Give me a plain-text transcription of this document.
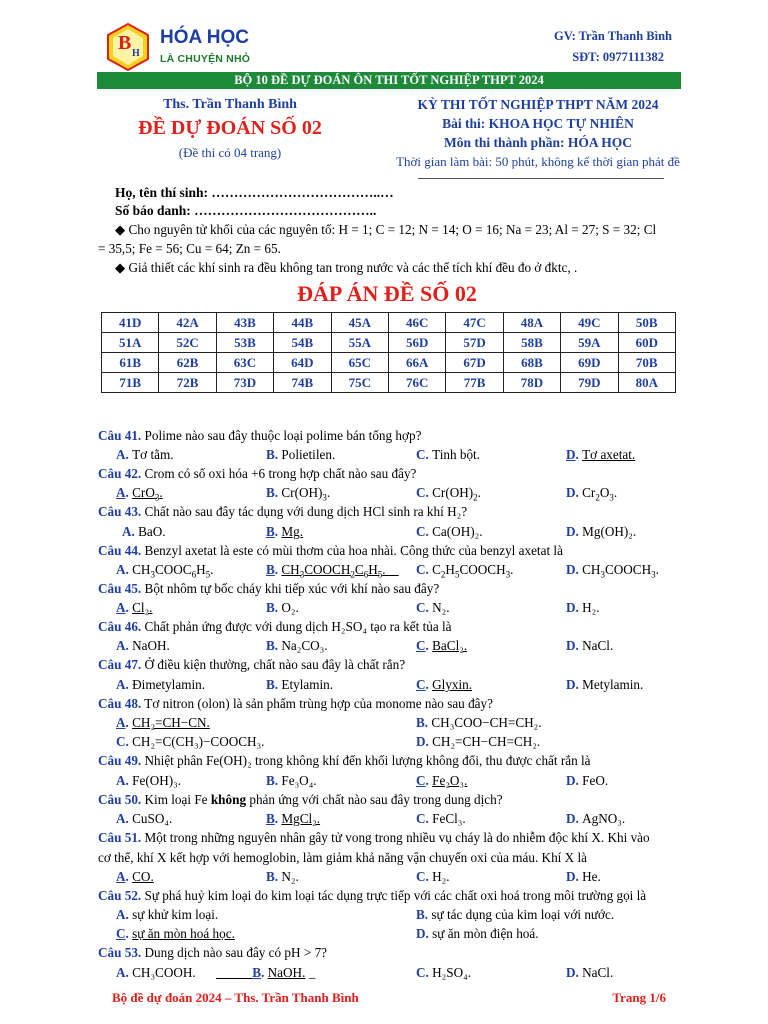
B H
HÓA HỌC
LÀ CHUYỆN NHỎ
GV: Trần Thanh Bình
SĐT: 0977111382
BỘ 10 ĐỀ DỰ ĐOÁN ÔN THI TỐT NGHIỆP THPT 2024
Ths. Trần Thanh Bình
ĐỀ DỰ ĐOÁN SỐ 02
(Đề thi có 04 trang)
KỲ THI TỐT NGHIỆP THPT NĂM 2024
Bài thi: KHOA HỌC TỰ NHIÊN
Môn thi thành phần: HÓA HỌC
Thời gian làm bài: 50 phút, không kể thời gian phát đề
Họ, tên thí sinh: ………………………………..…
Số báo danh: …………………………………..
◆ Cho nguyên tử khối của các nguyên tố: H = 1; C = 12; N = 14; O = 16; Na = 23; Al = 27; S = 32; Cl
= 35,5; Fe = 56; Cu = 64; Zn = 65.
◆ Giả thiết các khí sinh ra đều không tan trong nước và các thể tích khí đều đo ở đktc, .
ĐÁP ÁN ĐỀ SỐ 02
41D	42A	43B	44B	45A	46C	47C	48A	49C	50B
51A	52C	53B	54B	55A	56D	57D	58B	59A	60D
61B	62B	63C	64D	65C	66A	67D	68B	69D	70B
71B	72B	73D	74B	75C	76C	77B	78D	79D	80A
Câu 41. Polime nào sau đây thuộc loại polime bán tổng hợp?
A. Tơ tằm.	B. Polietilen.	C. Tinh bột.	D. Tơ axetat.
Câu 42. Crom có số oxi hóa +6 trong hợp chất nào sau đây?
A. CrO$_3$.	B. $Cr(OH)_3$.	C. $Cr(OH)_2$.	D. $Cr_2O_3$.
Câu 43. Chất nào sau đây tác dụng với dung dịch HCl sinh ra khí H₂?
A. BaO.	B. Mg.	C. Ca(OH)₂.	D. Mg(OH)₂.
Câu 44. Benzyl axetat là este có mùi thơm của hoa nhài. Công thức của benzyl axetat là
A. $CH_3COOC_6H_5$.	B. $CH_3COOCH_2C_6H_5$. C. $C_2H_5COOCH_3$.	D. $CH_3COOCH_3$.
Câu 45. Bột nhôm tự bốc cháy khi tiếp xúc với khí nào sau đây?
A. Cl₂.	B. O₂.	C. N₂.	D. H₂.
Câu 46. Chất phản ứng được với dung dịch H₂SO₄ tạo ra kết tủa là
A. NaOH.	B. Na₂CO₃.	C. BaCl₂.	D. NaCl.
Câu 47. Ở điều kiện thường, chất nào sau đây là chất rắn?
A. Đimetylamin.	B. Etylamin.	C. Glyxin.	D. Metylamin.
Câu 48. Tơ nitron (olon) là sản phẩm trùng hợp của monome nào sau đây?
A. CH₂=CH−CN.	B. CH₃COO−CH=CH₂.
C. CH₂=C(CH₃)−COOCH₃.	D. CH₂=CH−CH=CH₂.
Câu 49. Nhiệt phân Fe(OH)₂ trong không khí đến khối lượng không đổi, thu được chất rắn là
A. Fe(OH)₃.	B. Fe₃O₄.	C. Fe₂O₃.	D. FeO.
Câu 50. Kim loại Fe không phản ứng với chất nào sau đây trong dung dịch?
A. CuSO₄.	B. MgCl₂.	C. FeCl₃.	D. AgNO₃.
Câu 51. Một trong những nguyên nhân gây tử vong trong nhiều vụ cháy là do nhiễm độc khí X. Khi vào
cơ thể, khí X kết hợp với hemoglobin, làm giảm khả năng vận chuyển oxi của máu. Khí X là
A. CO.	B. N₂.	C. H₂.	D. He.
Câu 52. Sự phá huỷ kim loại do kim loại tác dụng trực tiếp với các chất oxi hoá trong môi trường gọi là
A. sự khử kim loại.	B. sự tác dụng của kim loại với nước.
C. sự ăn mòn hoá học.	D. sự ăn mòn điện hoá.
Câu 53. Dung dịch nào sau đây có pH > 7?
A. CH₃COOH.	B. NaOH. _	C. H₂SO₄.	D. NaCl.
Bộ đề dự đoán 2024 – Ths. Trần Thanh Bình	Trang 1/6
